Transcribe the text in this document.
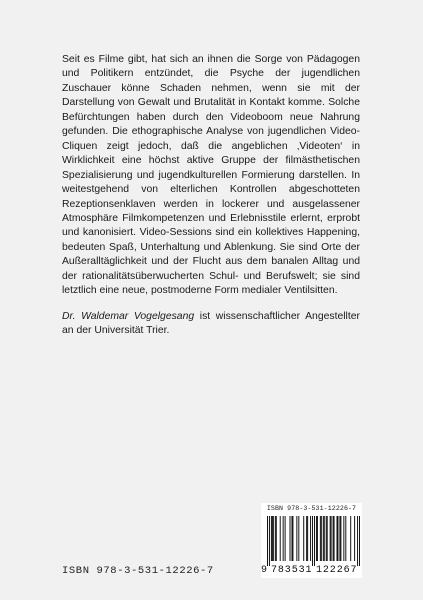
Seit es Filme gibt, hat sich an ihnen die Sorge von Pädagogen und Politikern entzündet, die Psyche der jugendlichen Zuschauer könne Schaden nehmen, wenn sie mit der Darstellung von Gewalt und Brutalität in Kontakt komme. Solche Befürchtungen haben durch den Videoboom neue Nahrung gefunden. Die ethographische Analyse von jugendlichen Video-Cliquen zeigt jedoch, daß die angeblichen ‚Videoten‘ in Wirklichkeit eine höchst aktive Gruppe der filmästhetischen Spezialisierung und jugendkulturellen Formierung darstellen. In weitestgehend von elterlichen Kontrollen abgeschotteten Rezeptionsenklaven werden in lockerer und ausgelassener Atmosphäre Filmkompetenzen und Erlebnisstile erlernt, erprobt und kanonisiert. Video-Sessions sind ein kollektives Happening, bedeuten Spaß, Unterhaltung und Ablenkung. Sie sind Orte der Außeralltäglichkeit und der Flucht aus dem banalen Alltag und der rationalitätsüberwucherten Schul- und Berufswelt; sie sind letztlich eine neue, postmoderne Form medialer Ventilsitten.

Dr. Waldemar Vogelgesang ist wissenschaftlicher Angestellter an der Universität Trier.

ISBN 978-3-531-12226-7
ISBN 978-3-531-12226-7
9 783531 122267
